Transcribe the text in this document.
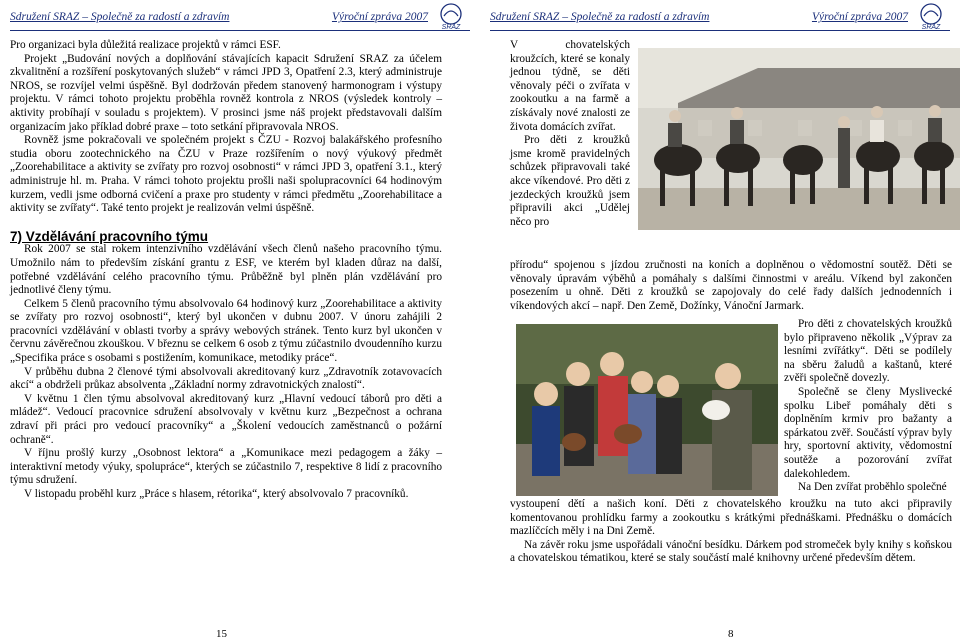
Sdružení SRAZ – Společně za radostí a zdravím	Výroční zpráva 2007
SRAZ

Pro organizaci byla důležitá realizace projektů v rámci ESF.

Projekt „Budování nových a doplňování stávajících kapacit Sdružení SRAZ za účelem zkvalitnění a rozšíření poskytovaných služeb“ v rámci JPD 3, Opatření 2.3, který administruje NROS, se rozvíjel velmi úspěšně. Byl dodržován předem stanovený harmonogram i výstupy projektu. V rámci tohoto projektu proběhla rovněž kontrola z NROS (výsledek kontroly – aktivity probíhají v souladu s projektem). V prosinci jsme náš projekt představovali dalším organizacím jako příklad dobré praxe – toto setkání připravovala NROS.

Rovněž jsme pokračovali ve společném projekt s ČZU - Rozvoj balakářského profesního studia oboru zootechnického na ČZU v Praze rozšířením o nový výukový předmět „Zoorehabilitace a aktivity se zvířaty pro rozvoj osobnosti“ v rámci JPD 3, opatření 3.1., který administruje hl. m. Praha. V rámci tohoto projektu prošli naši spolupracovníci 64 hodinovým kurzem, vedli jsme odborná cvičení a praxe pro studenty v rámci předmětu „Zoorehabilitace a aktivity se zvířaty“. Také tento projekt je realizován velmi úspěšně.

7) Vzdělávání pracovního týmu

Rok 2007 se stal rokem intenzivního vzdělávání všech členů našeho pracovního týmu. Umožnilo nám to především získání grantu z ESF, ve kterém byl kladen důraz na další, potřebné vzdělávání celého pracovního týmu. Průběžně byl plněn plán vzdělávání pro jednotlivé členy týmu.

Celkem 5 členů pracovního týmu absolvovalo 64 hodinový kurz „Zoorehabilitace a aktivity se zvířaty pro rozvoj osobnosti“, který byl ukončen v dubnu 2007. V únoru zahájili 2 pracovníci vzdělávání v oblasti tvorby a správy webových stránek. Tento kurz byl ukončen v červnu závěrečnou zkouškou. V březnu se celkem 6 osob z týmu zúčastnilo dvoudenního kurzu „Specifika práce s osobami s postižením, komunikace, metodiky práce“.

V průběhu dubna 2 členové tými absolvovali akreditovaný kurz „Zdravotník zotavovacích akcí“ a obdrželi průkaz absolventa „Základní normy zdravotnických znalostí“.

V květnu 1 člen týmu absolvoval akreditovaný kurz „Hlavní vedoucí táborů pro děti a mládež“. Vedoucí pracovnice sdružení absolvovaly v květnu kurz „Bezpečnost a ochrana zdraví při práci pro vedoucí pracovníky“ a „Školení vedoucích zaměstnanců o požární ochraně“.

V říjnu prošlý kurzy „Osobnost lektora“ a „Komunikace mezi pedagogem a žáky – interaktivní metody výuky, spolupráce“, kterých se zúčastnilo 7, respektive 8 lidí z pracovního týmu sdružení.

V listopadu proběhl kurz „Práce s hlasem, rétorika“, který absolvovalo 7 pracovníků.

15
Sdružení SRAZ – Společně za radostí a zdravím	Výroční zpráva 2007
SRAZ

V chovatelských kroužcích, které se konaly jednou týdně, se děti věnovaly péči o zvířata v zookoutku a na farmě a získávaly nové znalosti ze života domácích zvířat.

Pro děti z kroužků jsme kromě pravidelných schůzek připravovali také akce víkendové. Pro děti z jezdeckých kroužků jsem připravili akci „Udělej něco pro

přírodu“ spojenou s jízdou zručnosti na koních a doplněnou o vědomostní soutěž. Děti se věnovaly úpravám výběhů a pomáhaly s dalšími činnostmi v areálu. Víkend byl zakončen posezením u ohně. Děti z kroužků se zapojovaly do celé řady dalších jednodenních i víkendových akcí – např. Den Země, Dožínky, Vánoční Jarmark.

Pro děti z chovatelských kroužků bylo připraveno několik „Výprav za lesními zvířátky“. Děti se podílely na sběru žaludů a kaštanů, které zvěři společně dovezly.

Společně se členy Myslivecké spolku Libeř pomáhaly děti s doplněním krmiv pro bažanty a spárkatou zvěř. Součástí výprav byly hry, sportovní aktivity, vědomostní soutěže a pozorování zvířat dalekohledem.

Na Den zvířat proběhlo společné

vystoupení dětí a našich koní. Děti z chovatelského kroužku na tuto akci připravily komentovanou prohlídku farmy a zookoutku s krátkými přednáškami. Přednášku o domácích mazlíčcích měly i na Dni Země.

Na závěr roku jsme uspořádali vánoční besídku. Dárkem pod stromeček byly knihy s koňskou a chovatelskou tématikou, které se staly součástí malé knihovny určené především dětem.

8
